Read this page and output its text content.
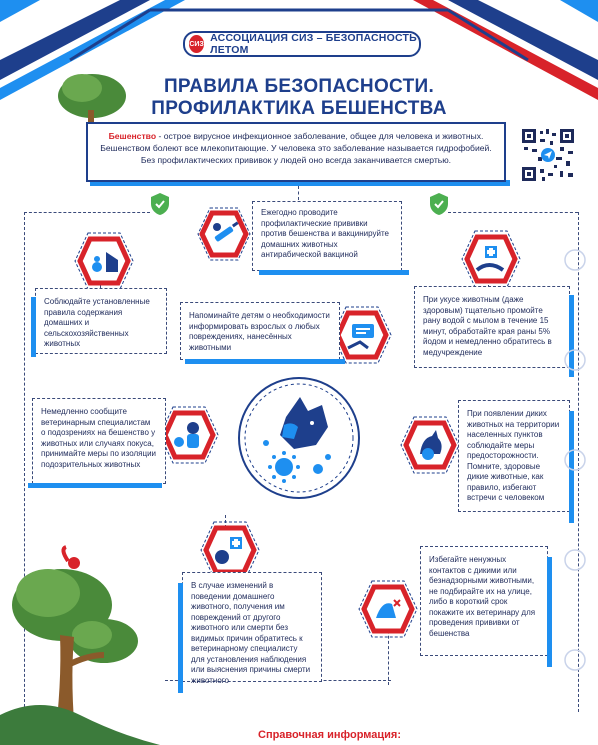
СИЗ АССОЦИАЦИЯ СИЗ – БЕЗОПАСНОСТЬ ЛЕТОМ
ПРАВИЛА БЕЗОПАСНОСТИ.
ПРОФИЛАКТИКА БЕШЕНСТВА
Бешенство - острое вирусное инфекционное заболевание, общее для человека и животных.
Бешенством болеют все млекопитающие. У человека это заболевание называется гидрофобией.
Без профилактических прививок у людей оно всегда заканчивается смертью.
Ежегодно проводите профилактические прививки против бешенства и вакцинируйте домашних животных антирабической вакциной
Соблюдайте установленные правила содержания домашних и сельскохозяйственных животных
Напоминайте детям о необходимости информировать взрослых о любых повреждениях, нанесённых животными
При укусе животным (даже здоровым) тщательно промойте рану водой с мылом в течение 15 минут, обработайте края раны 5% йодом и немедленно обратитесь в медучреждение
Немедленно сообщите ветеринарным специалистам о подозрениях на бешенство у животных или случаях покуса, принимайте меры по изоляции подозрительных животных
При появлении диких животных на территории населенных пунктов соблюдайте меры предосторожности. Помните, здоровые дикие животные, как правило, избегают встречи с человеком
В случае изменений в поведении домашнего животного, получения им повреждений от другого животного или смерти без видимых причин обратитесь к ветеринарному специалисту для установления наблюдения или выяснения причины смерти животного
Избегайте ненужных контактов с дикими или безнадзорными животными, не подбирайте их на улице, либо в короткий срок покажите их ветеринару для проведения прививки от бешенства
Справочная информация:
